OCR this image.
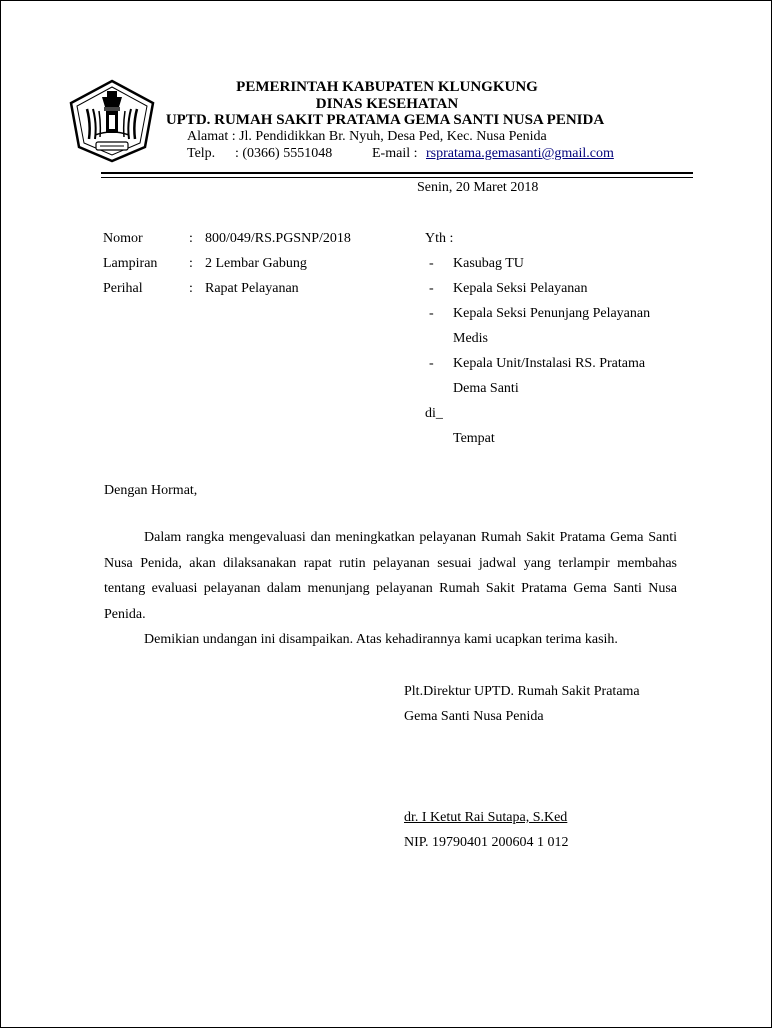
PEMERINTAH KABUPATEN KLUNGKUNG
DINAS KESEHATAN
UPTD. RUMAH SAKIT PRATAMA GEMA SANTI NUSA PENIDA
Alamat : Jl. Pendidikkan Br. Nyuh, Desa Ped, Kec. Nusa Penida
Telp. : (0366) 5551048	E-mail : rspratama.gemasanti@gmail.com
Senin, 20 Maret 2018
Nomor	: 800/049/RS.PGSNP/2018
Lampiran : 2 Lembar Gabung
Perihal	: Rapat Pelayanan
Yth :
- Kasubag TU
- Kepala Seksi Pelayanan
- Kepala Seksi Penunjang Pelayanan
Medis
- Kepala Unit/Instalasi RS. Pratama
Dema Santi
di_
Tempat
Dengan Hormat,

Dalam rangka mengevaluasi dan meningkatkan pelayanan Rumah Sakit Pratama Gema Santi Nusa Penida, akan dilaksanakan rapat rutin pelayanan sesuai jadwal yang terlampir membahas tentang evaluasi pelayanan dalam menunjang pelayanan Rumah Sakit Pratama Gema Santi Nusa Penida.

Demikian undangan ini disampaikan. Atas kehadirannya kami ucapkan terima kasih.

Plt.Direktur UPTD. Rumah Sakit Pratama
Gema Santi Nusa Penida
dr. I Ketut Rai Sutapa, S.Ked
NIP. 19790401 200604 1 012
